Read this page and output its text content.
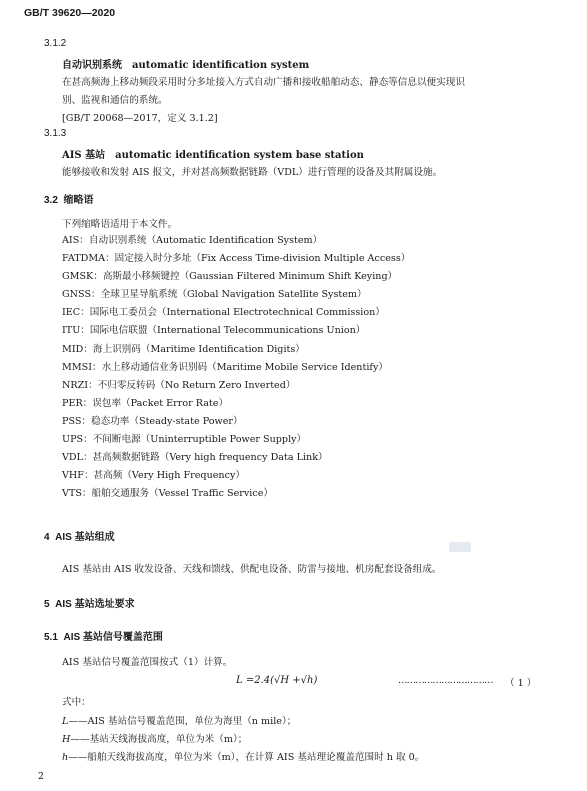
GB/T 39620—2020
3.1.2
自动识别系统　automatic identification system
在甚高频海上移动频段采用时分多址接入方式自动广播和接收船舶动态、静态等信息以便实现识
别、监视和通信的系统。
[GB/T 20068—2017，定义 3.1.2]
3.1.3
AIS 基站　automatic identification system base station
能够接收和发射 AIS 报文，并对甚高频数据链路（VDL）进行管理的设备及其附属设施。
3.2 缩略语
下列缩略语适用于本文件。
AIS：自动识别系统（Automatic Identification System）
FATDMA：固定接入时分多址（Fix Access Time-division Multiple Access）
GMSK：高斯最小移频键控（Gaussian Filtered Minimum Shift Keying）
GNSS：全球卫星导航系统（Global Navigation Satellite System）
IEC：国际电工委员会（International Electrotechnical Commission）
ITU：国际电信联盟（International Telecommunications Union）
MID：海上识别码（Maritime Identification Digits）
MMSI：水上移动通信业务识别码（Maritime Mobile Service Identify）
NRZI：不归零反转码（No Return Zero Inverted）
PER：误包率（Packet Error Rate）
PSS：稳态功率（Steady-state Power）
UPS：不间断电源（Uninterruptible Power Supply）
VDL：甚高频数据链路（Very high frequency Data Link）
VHF：甚高频（Very High Frequency）
VTS：船舶交通服务（Vessel Traffic Service）
4 AIS 基站组成
AIS 基站由 AIS 收发设备、天线和馈线、供配电设备、防雷与接地、机房配套设备组成。
5 AIS 基站选址要求
5.1 AIS 基站信号覆盖范围
AIS 基站信号覆盖范围按式（1）计算。
L =2.4(√H +√h)	…………………………… （ 1 ）
式中：
L——AIS 基站信号覆盖范围，单位为海里（n mile）；
H——基站天线海拔高度，单位为米（m）；
h——船舶天线海拔高度，单位为米（m），在计算 AIS 基站理论覆盖范围时 h 取 0。
2
